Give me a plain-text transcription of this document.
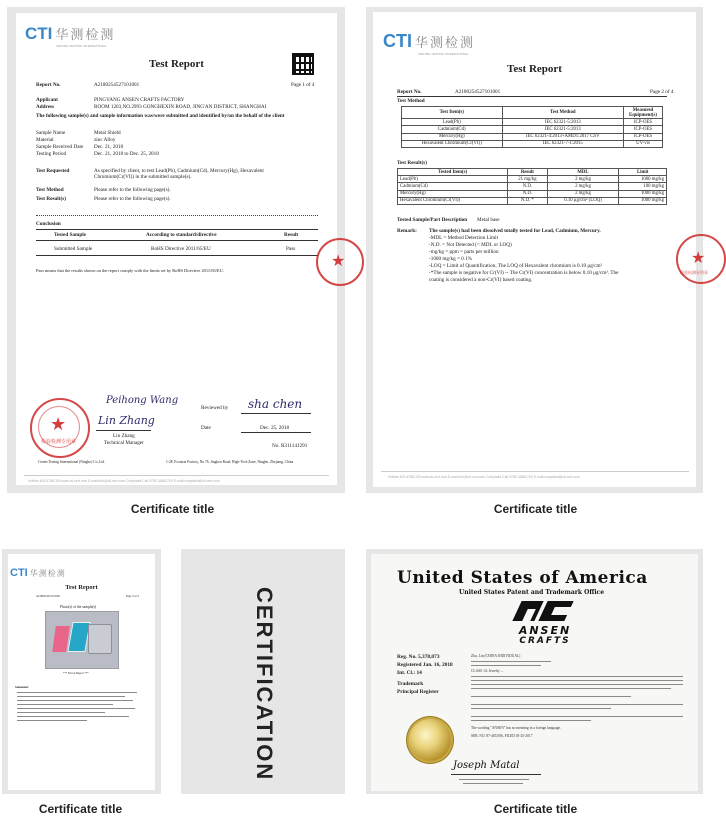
CTI 华测检测
CENTRE TESTING INTERNATIONAL
Test Report
Report No.	A2180254527101001	Page 1 of 4
Applicant	PINGYANG ANSEN CRAFTS FACTORY
Address	ROOM 1203,NO.2993 GONGHEXIN ROAD, JING'AN DISTRICT, SHANGHAI
The following sample(s) and sample information was/were submitted and identified by/on the behalf of the client
Sample Name	Metal Shield
Material	zinc Alloy
Sample Received Date Dec. 21, 2018
Testing Period	Dec. 21, 2018 to Dec. 25, 2018
Test Requested	As specified by client, to test Lead(Pb), Cadmium(Cd), Mercury(Hg), Hexavalent Chromium(Cr(VI)) in the submitted sample(s).
Test Method	Please refer to the following page(s).
Test Result(s)	Please refer to the following page(s).
Conclusion
Tested Sample	According to standard/directive	Result
Submitted Sample	RoHS Directive 2011/65/EU	Pass
Pass means that the results shown on the report comply with the limits set by RoHS Directive 2011/65/EU.
★
Peihong Wang
Lin Zhang
Lin Zhang
Technical Manager
Reviewed by sha chen
Date	Dec. 25, 2018
No. R311141291
★
检验检测专用章
Centre Testing International (Ningbo) Co.,Ltd.	1-2F, Ecotaria Factory, No.76, Jingkou Road, High-Tech Zone, Ningbo, Zhejiang, China
Hotline 400-6788-333 www.cti-cert.com E-mail:info@cti-cert.com Complaint Call 0755-33681700 E-mail:complaint@cti-cert.com
Certificate title
CTI 华测检测
CENTRE TESTING INTERNATIONAL
Test Report
Report No.	A2180254527101001	Page 2 of 4
Test Method
Test Item(s)	Test Method	Measured Equipment(s)
Lead(Pb)	IEC 62321-5:2013	ICP-OES
Cadmium(Cd)	IEC 62321-5:2013	ICP-OES
Mercury(Hg)	IEC 62321-4:2013+AMD1:2017 CSV	ICP-OES
Hexavalent Chromium(Cr(VI))	IEC 62321-7-1:2015	UV-vis
Test Result(s)
Tested Item(s)	Result	MDL	Limit
Lead(Pb)	21 mg/kg	2 mg/kg	1000 mg/kg
Cadmium(Cd)	N.D.	2 mg/kg	100 mg/kg
Mercury(Hg)	N.D.	2 mg/kg	1000 mg/kg
Hexavalent Chromium(Cr(VI))	N.D. *	0.10 μg/cm² (LOQ)	1000 mg/kg
Tested Sample/Part Description Metal base
Remark: The sample(s) had been dissolved totally tested for Lead, Cadmium, Mercury.
-MDL = Method Detection Limit
-N.D. = Not Detected (< MDL or LOQ)
-mg/kg = ppm = parts per million
-1000 mg/kg = 0.1%
-LOQ = Limit of Quantification, The LOQ of Hexavalent chromium is 0.10 μg/cm²
-*The sample is negative for Cr(VI) -- The Cr(VI) concentration is below 0.10 μg/cm². The
coating is considered a non-Cr(VI) based coating.
★
检验检测专用章
Hotline 400-6788-333 www.cti-cert.com E-mail:info@cti-cert.com Complaint Call 0755-33681700 E-mail:complaint@cti-cert.com
Certificate title
CTI 华测检测
Test Report
A2180254527101001	Page 3 of 4
Photo(s) of the sample(s)
*** End of Report ***
Statement:
Certificate title
CERTIFICATION
United States of America
United States Patent and Trademark Office
ANSEN
CRAFTS
Reg. No. 5,378,073
Registered Jan. 16, 2018
Int. Cl.: 14
Trademark
Principal Register
Zhu, Lin (CHINA INDIVIDUAL)
CLASS 14: Jewelry ...
The wording "ANSEN" has no meaning in a foreign language.
SER. NO. 87-465,956, FILED 05-25-2017
Joseph Matal
Certificate title
